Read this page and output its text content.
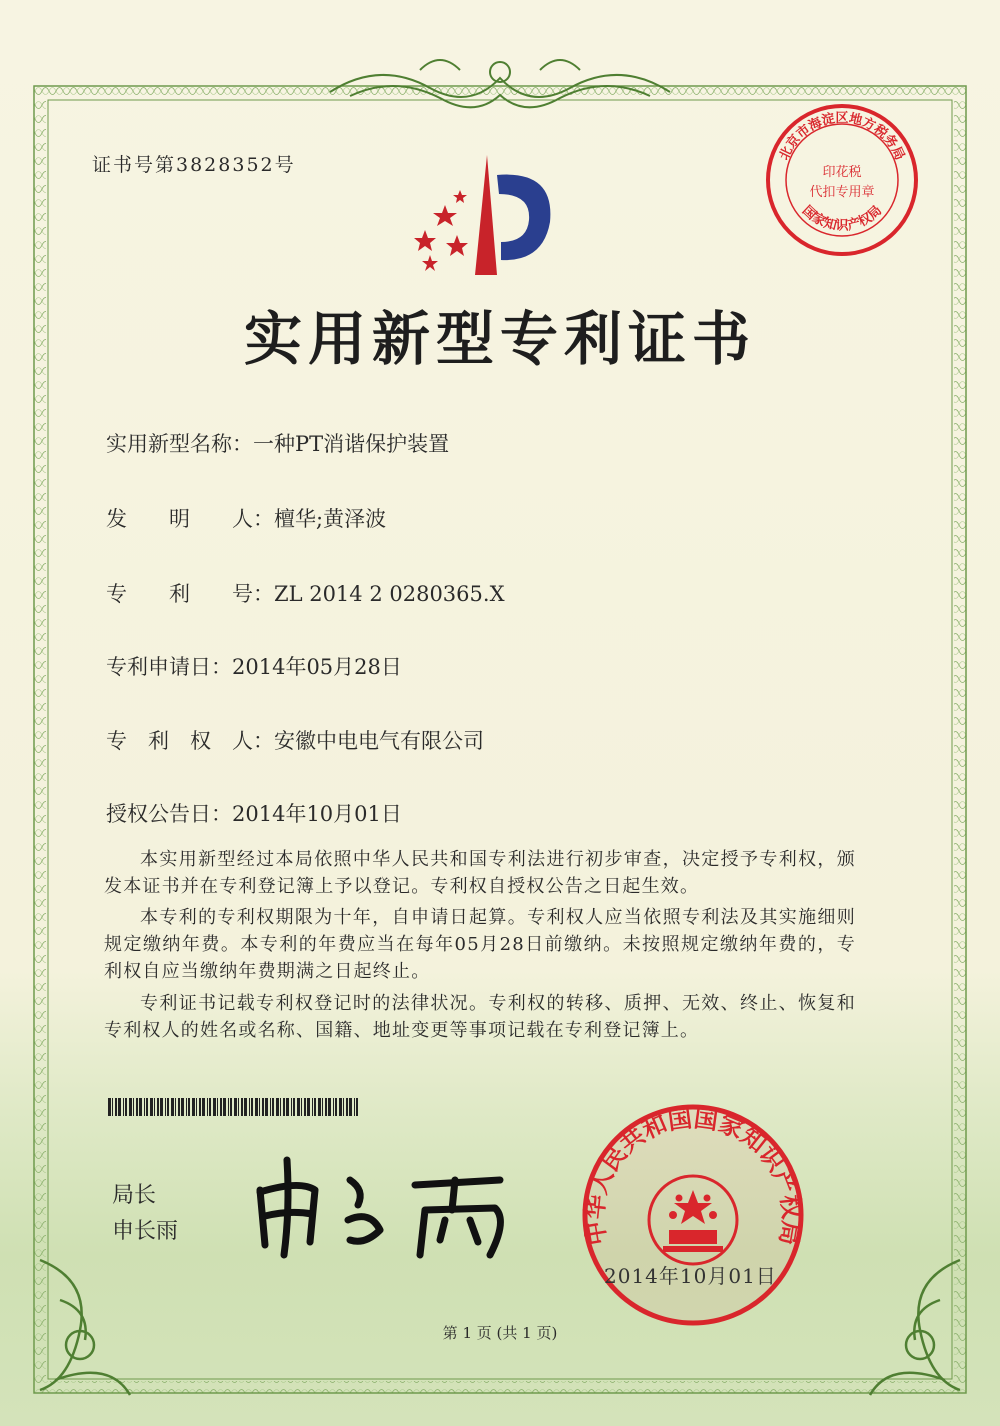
证书号第3828352号
北京市海淀区地方税务局
印花税
代扣专用章
国家知识产权局
实用新型专利证书
实用新型名称：一种PT消谐保护装置
发　　明　　人：檀华;黄泽波
专　　利　　号：ZL 2014 2 0280365.X
专利申请日：2014年05月28日
专　利　权　人：安徽中电电气有限公司
授权公告日：2014年10月01日
本实用新型经过本局依照中华人民共和国专利法进行初步审查，决定授予专利权，颁发本证书并在专利登记簿上予以登记。专利权自授权公告之日起生效。
本专利的专利权期限为十年，自申请日起算。专利权人应当依照专利法及其实施细则规定缴纳年费。本专利的年费应当在每年05月28日前缴纳。未按照规定缴纳年费的，专利权自应当缴纳年费期满之日起终止。
专利证书记载专利权登记时的法律状况。专利权的转移、质押、无效、终止、恢复和专利权人的姓名或名称、国籍、地址变更等事项记载在专利登记簿上。
局长
申长雨	中华人民共和国国家知识产权局
2014年10月01日
第 1 页 (共 1 页)
